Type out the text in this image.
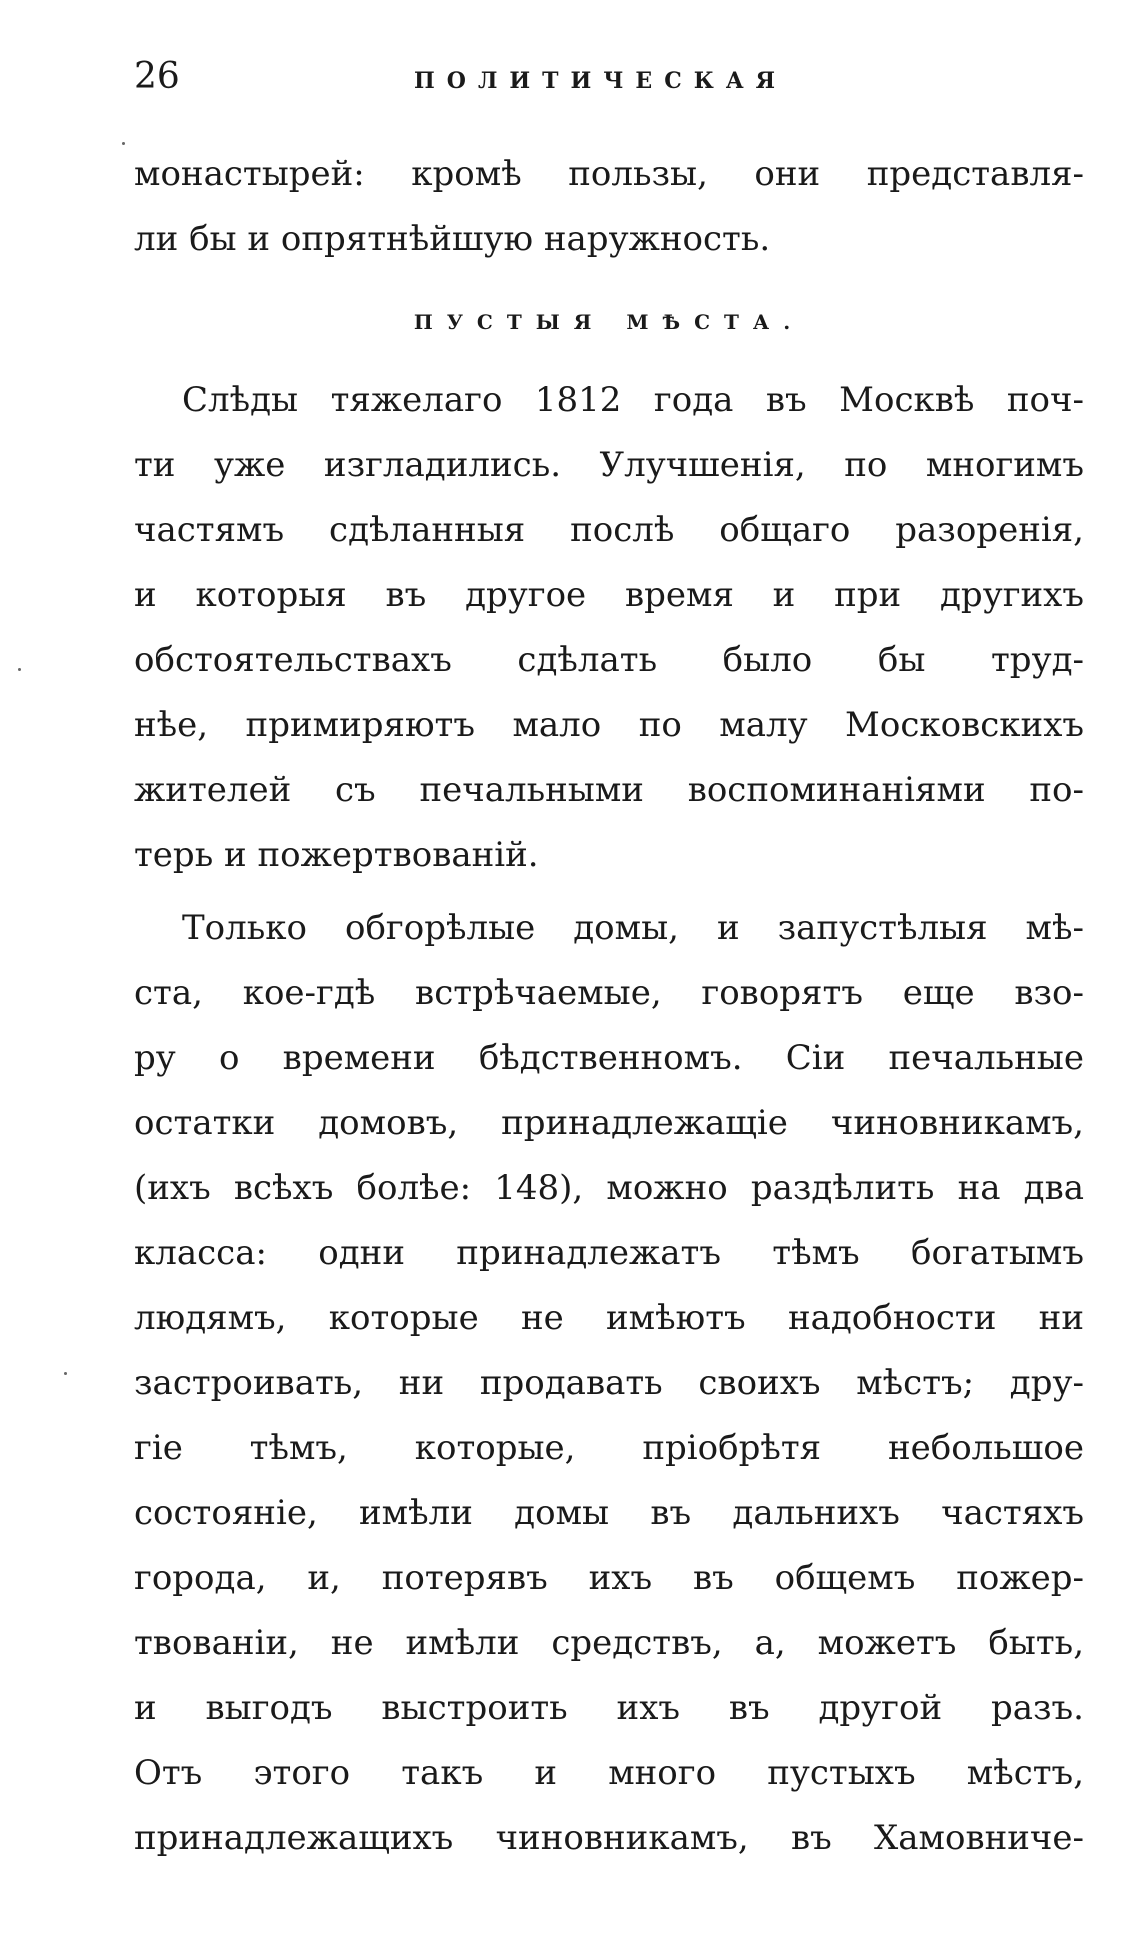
26	ПОЛИТИЧЕСКАЯ
монастырей: кромѣ пользы, они представля-
ли бы и опрятнѣйшую наружность.
ПУСТЫЯ МѢСТА.
Слѣды тяжелаго 1812 года въ Москвѣ поч-
ти уже изгладились. Улучшенія, по многимъ
частямъ сдѣланныя послѣ общаго разоренія,
и которыя въ другое время и при другихъ
обстоятельствахъ сдѣлать было бы труд-
нѣе, примиряютъ мало по малу Московскихъ
жителей съ печальными воспоминаніями по-
терь и пожертвованій.
Только обгорѣлые домы, и запустѣлыя мѣ-
ста, кое-гдѣ встрѣчаемые, говорятъ еще взо-
ру о времени бѣдственномъ. Сіи печальные
остатки домовъ, принадлежащіе чиновникамъ,
(ихъ всѣхъ болѣе: 148), можно раздѣлить на два
класса: одни принадлежатъ тѣмъ богатымъ
людямъ, которые не имѣютъ надобности ни
застроивать, ни продавать своихъ мѣстъ; дру-
гіе тѣмъ, которые, пріобрѣтя небольшое
состояніе, имѣли домы въ дальнихъ частяхъ
города, и, потерявъ ихъ въ общемъ пожер-
твованіи, не имѣли средствъ, а, можетъ быть,
и выгодъ выстроить ихъ въ другой разъ.
Отъ этого такъ и много пустыхъ мѣстъ,
принадлежащихъ чиновникамъ, въ Хамовниче-
